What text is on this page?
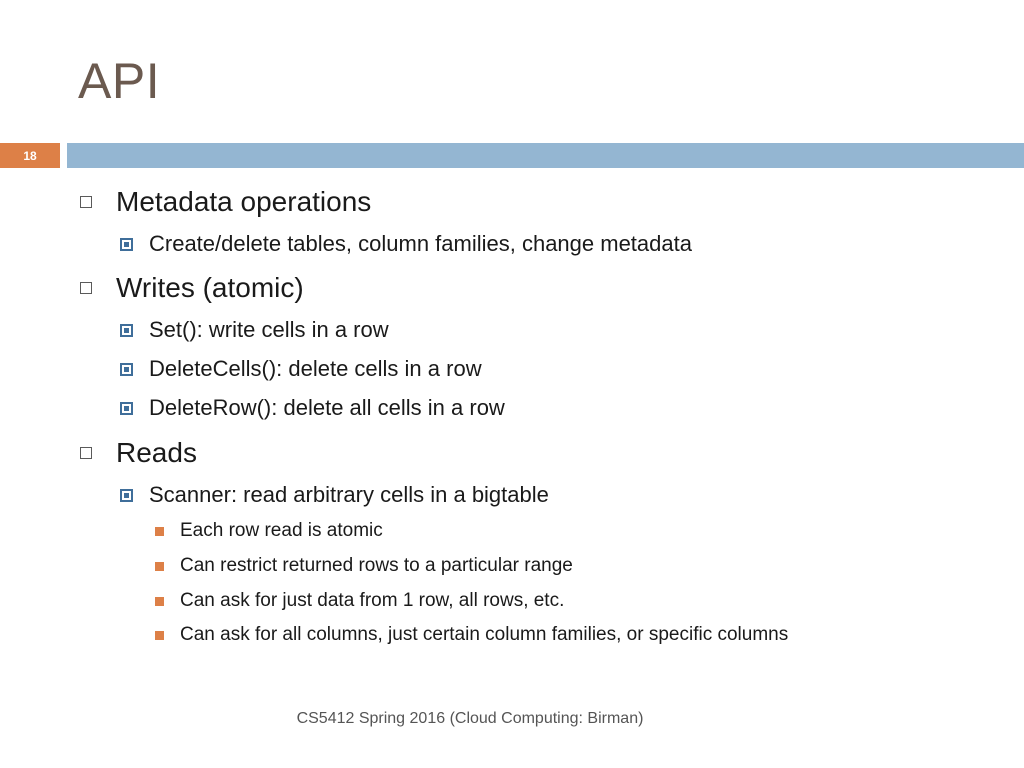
API
18
Metadata operations
Create/delete tables, column families, change metadata
Writes (atomic)
Set(): write cells in a row
DeleteCells(): delete cells in a row
DeleteRow(): delete all cells in a row
Reads
Scanner: read arbitrary cells in a bigtable
Each row read is atomic
Can restrict returned rows to a particular range
Can ask for just data from 1 row, all rows, etc.
Can ask for all columns, just certain column families, or specific columns
CS5412 Spring 2016 (Cloud Computing: Birman)
